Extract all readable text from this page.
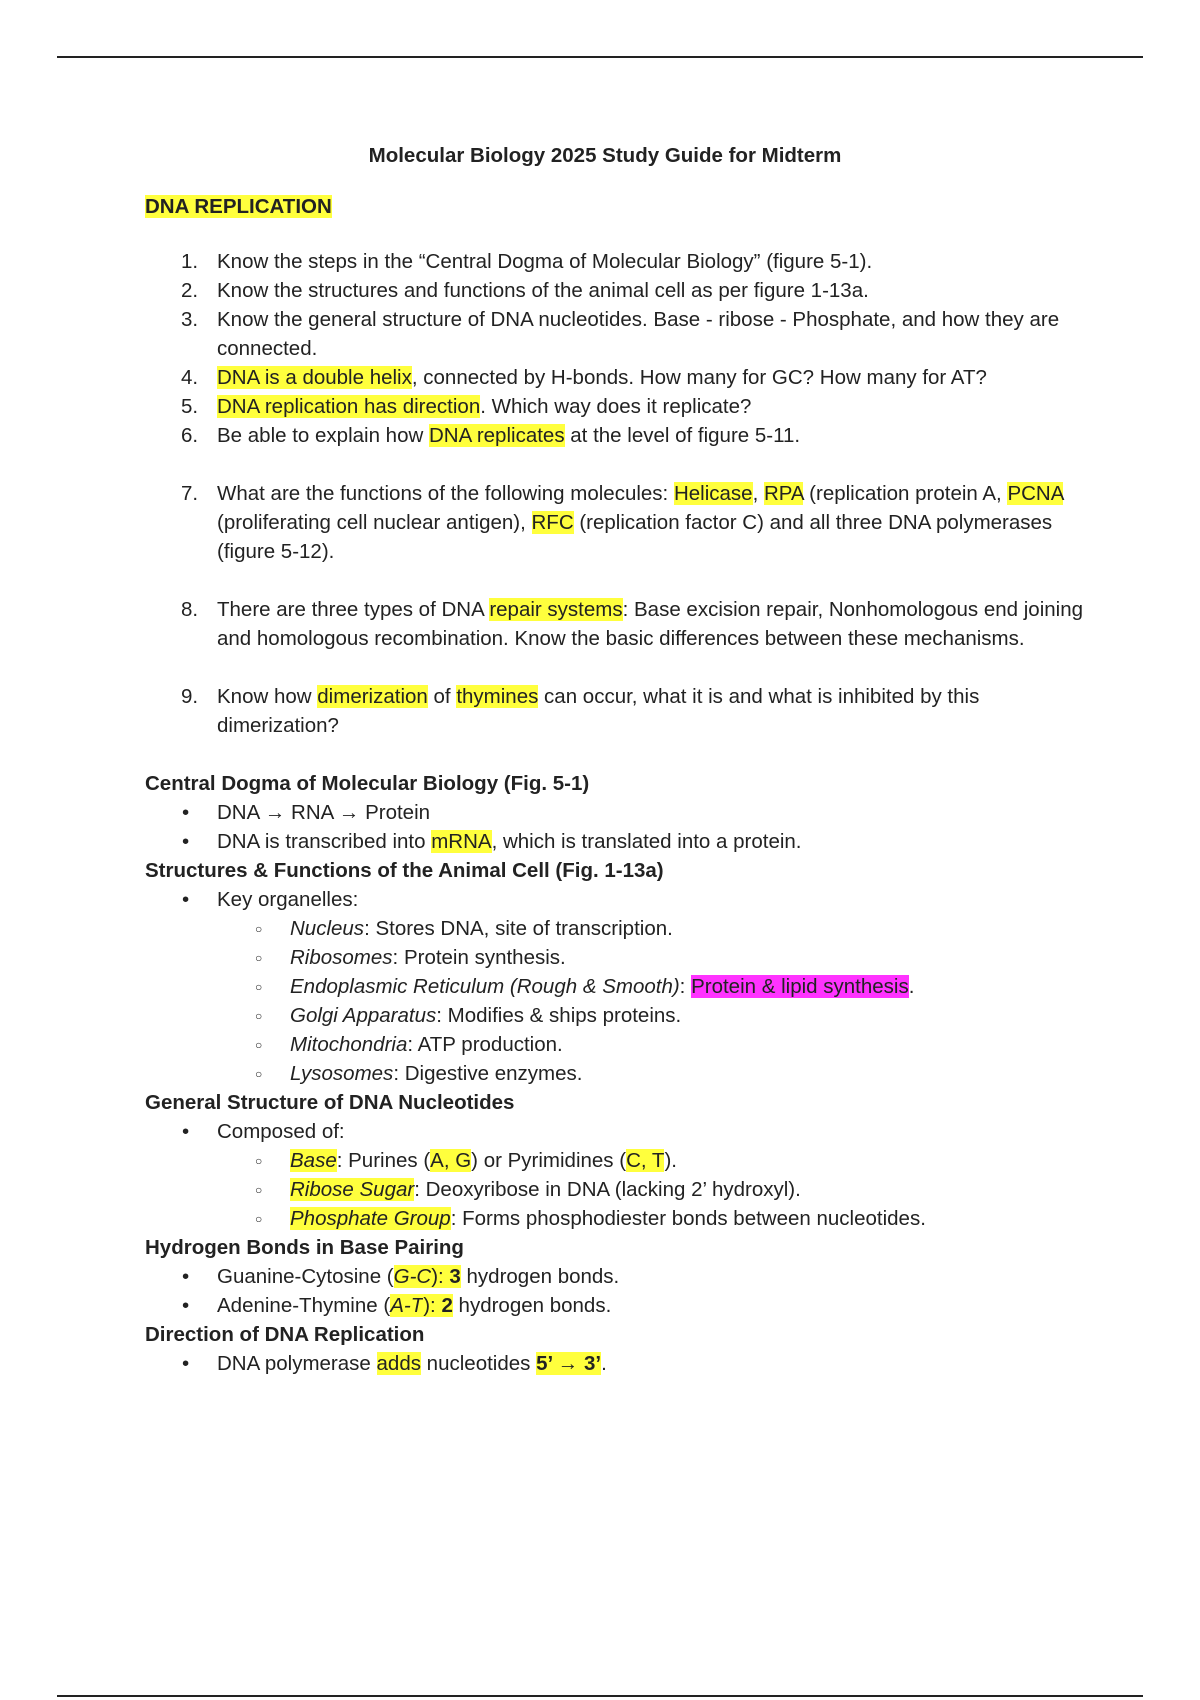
Molecular Biology 2025 Study Guide for Midterm
DNA REPLICATION
1. Know the steps in the “Central Dogma of Molecular Biology” (figure 5-1).
2. Know the structures and functions of the animal cell as per figure 1-13a.
3. Know the general structure of DNA nucleotides. Base - ribose - Phosphate, and how they are connected.
4. DNA is a double helix, connected by H-bonds. How many for GC? How many for AT?
5. DNA replication has direction. Which way does it replicate?
6. Be able to explain how DNA replicates at the level of figure 5-11.
7. What are the functions of the following molecules: Helicase, RPA (replication protein A, PCNA (proliferating cell nuclear antigen), RFC (replication factor C) and all three DNA polymerases (figure 5-12).
8. There are three types of DNA repair systems: Base excision repair, Nonhomologous end joining and homologous recombination. Know the basic differences between these mechanisms.
9. Know how dimerization of thymines can occur, what it is and what is inhibited by this dimerization?
Central Dogma of Molecular Biology (Fig. 5-1)
• DNA → RNA → Protein
• DNA is transcribed into mRNA, which is translated into a protein.
Structures & Functions of the Animal Cell (Fig. 1-13a)
• Key organelles:
○ Nucleus: Stores DNA, site of transcription.
○ Ribosomes: Protein synthesis.
○ Endoplasmic Reticulum (Rough & Smooth): Protein & lipid synthesis.
○ Golgi Apparatus: Modifies & ships proteins.
○ Mitochondria: ATP production.
○ Lysosomes: Digestive enzymes.
General Structure of DNA Nucleotides
• Composed of:
○ Base: Purines (A, G) or Pyrimidines (C, T).
○ Ribose Sugar: Deoxyribose in DNA (lacking 2’ hydroxyl).
○ Phosphate Group: Forms phosphodiester bonds between nucleotides.
Hydrogen Bonds in Base Pairing
• Guanine-Cytosine (G-C): 3 hydrogen bonds.
• Adenine-Thymine (A-T): 2 hydrogen bonds.
Direction of DNA Replication
• DNA polymerase adds nucleotides 5’ → 3’.
